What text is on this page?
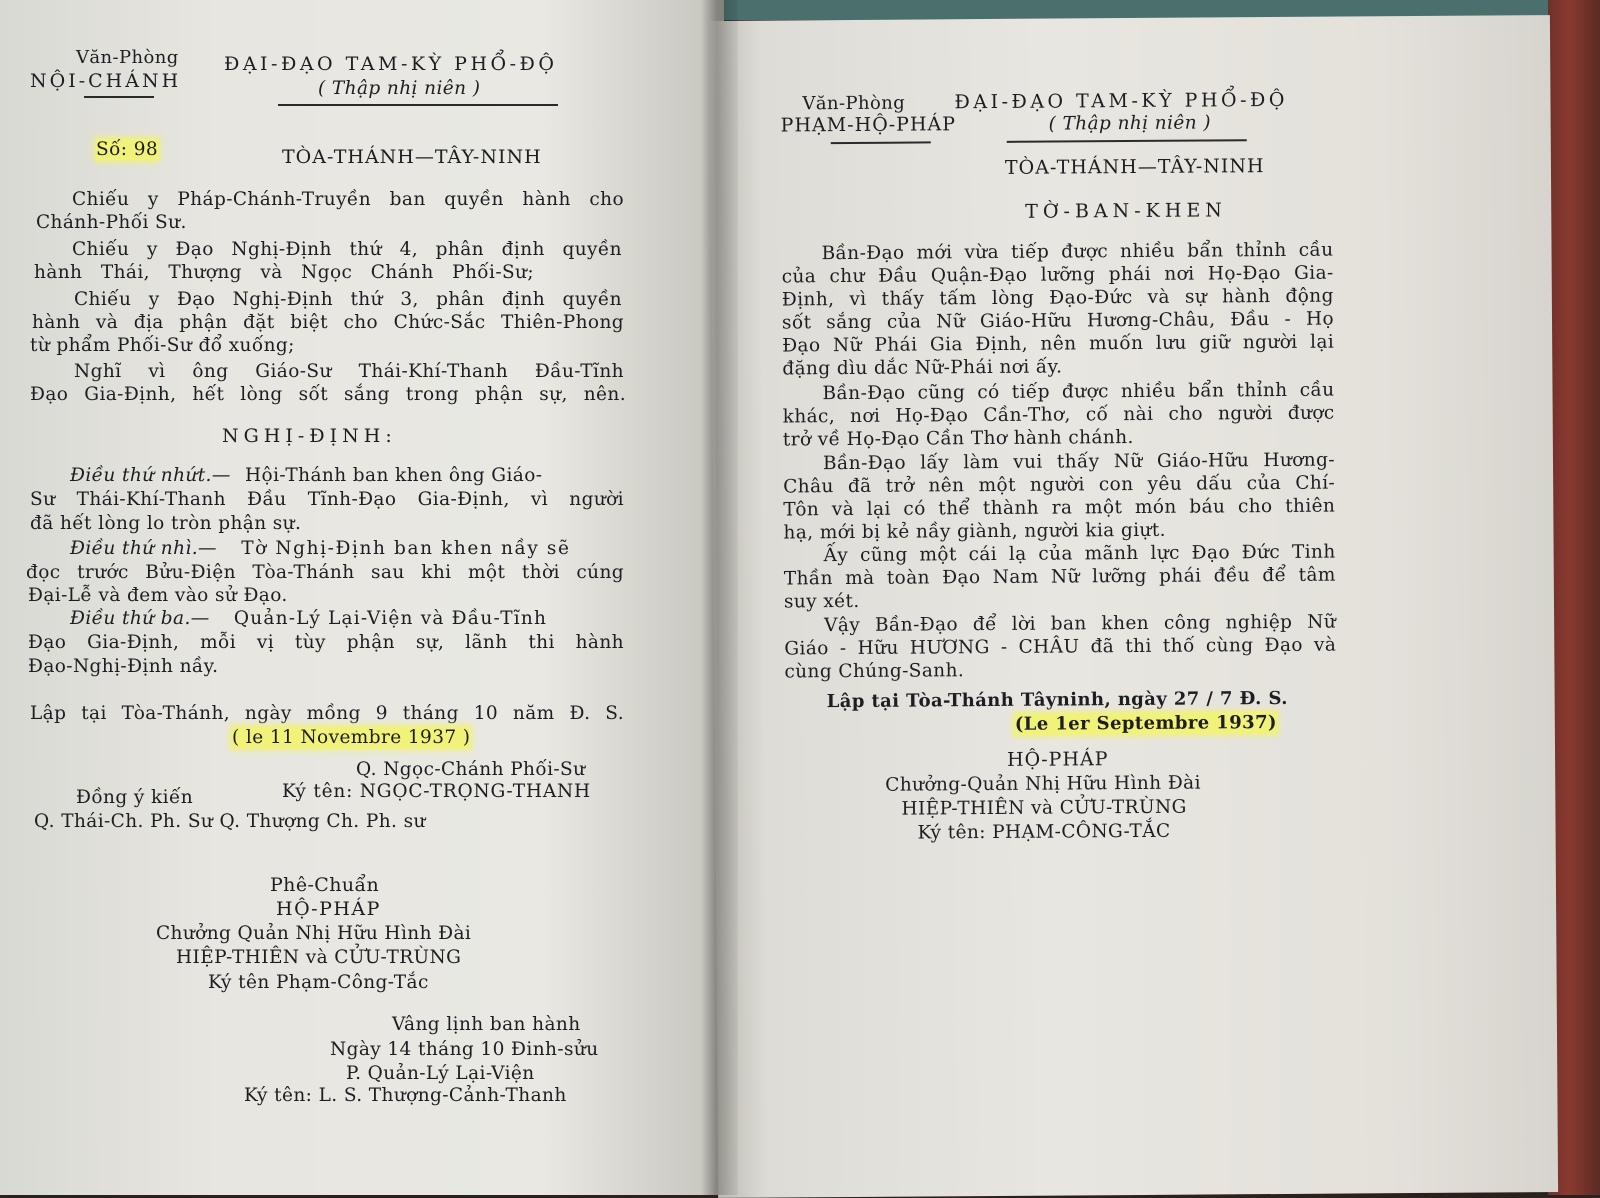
Văn-Phòng

NỘI-CHÁNH

ĐẠI-ĐẠO TAM-KỲ PHỔ-ĐỘ

( Thập nhị niên )

Số: 98	TÒA-THÁNH—TÂY-NINH

Chiếu y Pháp-Chánh-Truyền ban quyền hành cho

Chánh-Phối Sư.

Chiếu y Đạo Nghị-Định thứ 4, phân định quyền

hành Thái, Thượng và Ngọc Chánh Phối-Sư;

Chiếu y Đạo Nghị-Định thứ 3, phân định quyền

hành và địa phận đặt biệt cho Chức-Sắc Thiên-Phong

từ phẩm Phối-Sư đổ xuống;

Nghĩ vì ông Giáo-Sư Thái-Khí-Thanh Đầu-Tĩnh

Đạo Gia-Định, hết lòng sốt sắng trong phận sự, nên.

NGHỊ-ĐỊNH:

Điều thứ nhứt.— Hội-Thánh ban khen ông Giáo-

Sư Thái-Khí-Thanh Đầu Tĩnh-Đạo Gia-Định, vì người

đã hết lòng lo tròn phận sự.

Điều thứ nhì.— Tờ Nghị-Định ban khen nầy sẽ

đọc trước Bửu-Điện Tòa-Thánh sau khi một thời cúng

Đại-Lễ và đem vào sử Đạo.

Điều thứ ba.— Quản-Lý Lại-Viện và Đầu-Tĩnh

Đạo Gia-Định, mỗi vị tùy phận sự, lãnh thi hành

Đạo-Nghị-Định nầy.

Lập tại Tòa-Thánh, ngày mồng 9 tháng 10 năm Đ. S.

( le 11 Novembre 1937 )

Q. Ngọc-Chánh Phối-Sư

Đồng ý kiến	Ký tên: NGỌC-TRỌNG-THANH

Q. Thái-Ch. Ph. Sư Q. Thượng Ch. Ph. sư

Phê-Chuẩn

HỘ-PHÁP

Chưởng Quản Nhị Hữu Hình Đài

HIỆP-THIÊN và CỬU-TRÙNG

Ký tên Phạm-Công-Tắc

Vâng lịnh ban hành

Ngày 14 tháng 10 Đinh-sửu

P. Quản-Lý Lại-Viện

Ký tên: L. S. Thượng-Cảnh-Thanh

Văn-Phòng

PHẠM-HỘ-PHÁP

ĐẠI-ĐẠO TAM-KỲ PHỔ-ĐỘ

( Thập nhị niên )

TÒA-THÁNH—TÂY-NINH

TỜ-BAN-KHEN

Bần-Đạo mới vừa tiếp được nhiều bẩn thỉnh cầu

của chư Đầu Quận-Đạo lưỡng phái nơi Họ-Đạo Gia-

Định, vì thấy tấm lòng Đạo-Đức và sự hành động

sốt sắng của Nữ Giáo-Hữu Hương-Châu, Đầu - Họ

Đạo Nữ Phái Gia Định, nên muốn lưu giữ người lại

đặng dìu dắc Nữ-Phái nơi ấy.

Bần-Đạo cũng có tiếp được nhiều bẩn thỉnh cầu

khác, nơi Họ-Đạo Cần-Thơ, cố nài cho người được

trở về Họ-Đạo Cần Thơ hành chánh.

Bần-Đạo lấy làm vui thấy Nữ Giáo-Hữu Hương-

Châu đã trở nên một người con yêu dấu của Chí-

Tôn và lại có thể thành ra một món báu cho thiên

hạ, mới bị kẻ nầy giành, người kia giựt.

Ấy cũng một cái lạ của mãnh lực Đạo Đức Tinh

Thần mà toàn Đạo Nam Nữ lưỡng phái đều để tâm

suy xét.

Vậy Bần-Đạo để lời ban khen công nghiệp Nữ

Giáo - Hữu HƯƠNG - CHÂU đã thi thố cùng Đạo và

cùng Chúng-Sanh.

Lập tại Tòa-Thánh Tâyninh, ngày 27 / 7 Đ. S.

(Le 1er Septembre 1937)

HỘ-PHÁP

Chưởng-Quản Nhị Hữu Hình Đài

HIỆP-THIÊN và CỬU-TRÙNG

Ký tên: PHẠM-CÔNG-TẮC
